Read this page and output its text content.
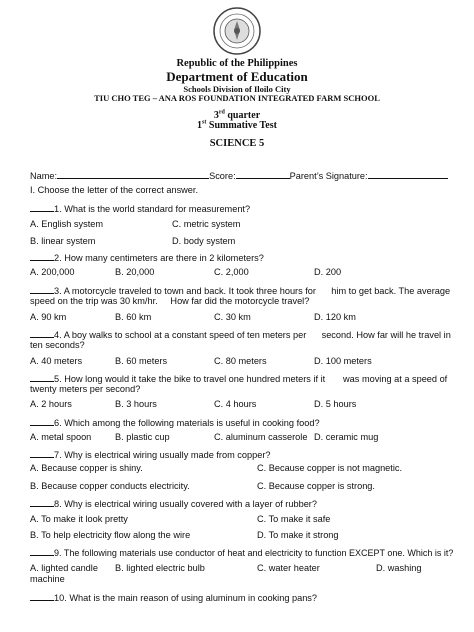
Republic of the Philippines
Department of Education
Schools Division of Iloilo City
TIU CHO TEG – ANA ROS FOUNDATION INTEGRATED FARM SCHOOL
3rd quarter
1st Summative Test
SCIENCE 5
Name:	Score:	Parent’s Signature:
I. Choose the letter of the correct answer.
1. What is the world standard for measurement?
A. English system	C. metric system
B. linear system	D. body system
2. How many centimeters are there in 2 kilometers?
A. 200,000	B. 20,000	C. 2,000	D. 200
3. A motorcycle traveled to town and back. It took three hours for      him to get back. The average
speed on the trip was 30 km/hr.     How far did the motorcycle travel?
A. 90 km	B. 60 km	C. 30 km	D. 120 km
4. A boy walks to school at a constant speed of ten meters per      second. How far will he travel in
ten seconds?
A. 40 meters	B. 60 meters	C. 80 meters	D. 100 meters
5. How long would it take the bike to travel one hundred meters if it       was moving at a speed of
twenty meters per second?
A. 2 hours	B. 3 hours	C. 4 hours	D. 5 hours
6. Which among the following materials is useful in cooking food?
A. metal spoon	B. plastic cup	C. aluminum casserole D. ceramic mug
7. Why is electrical wiring usually made from copper?
A. Because copper is shiny.	C. Because copper is not magnetic.
B. Because copper conducts electricity.	C. Because copper is strong.
8. Why is electrical wiring usually covered with a layer of rubber?
A. To make it look pretty	C. To make it safe
B. To help electricity flow along the wire	D. To make it strong
9. The following materials use conductor of heat and electricity to function EXCEPT one. Which is it?
A. lighted candle B. lighted electric bulb	C. water heater	D. washing
machine
10. What is the main reason of using aluminum in cooking pans?
